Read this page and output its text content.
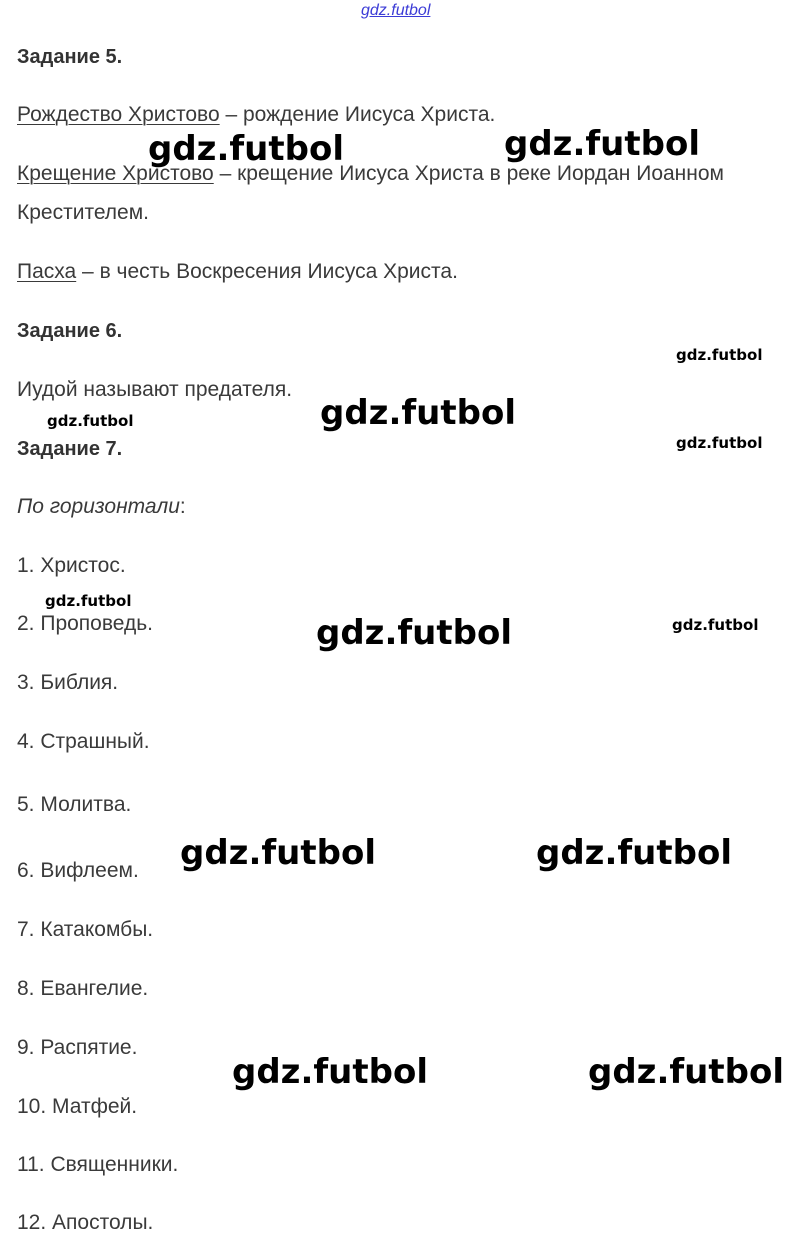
gdz.futbol
Задание 5.
Рождество Христово – рождение Иисуса Христа.
Крещение Христово – крещение Иисуса Христа в реке Иордан Иоанном
Крестителем.
Пасха – в честь Воскресения Иисуса Христа.
Задание 6.
Иудой называют предателя.
Задание 7.
По горизонтали:
1. Христос.
2. Проповедь.
3. Библия.
4. Страшный.
5. Молитва.
6. Вифлеем.
7. Катакомбы.
8. Евангелие.
9. Распятие.
10. Матфей.
11. Священники.
12. Апостолы.
gdz.futbol	gdz.futbol
gdz.futbol
gdz.futbol
gdz.futbol	gdz.futbol
gdz.futbol	gdz.futbol
gdz.futbol
gdz.futbol
gdz.futbol
gdz.futbol
gdz.futbol
